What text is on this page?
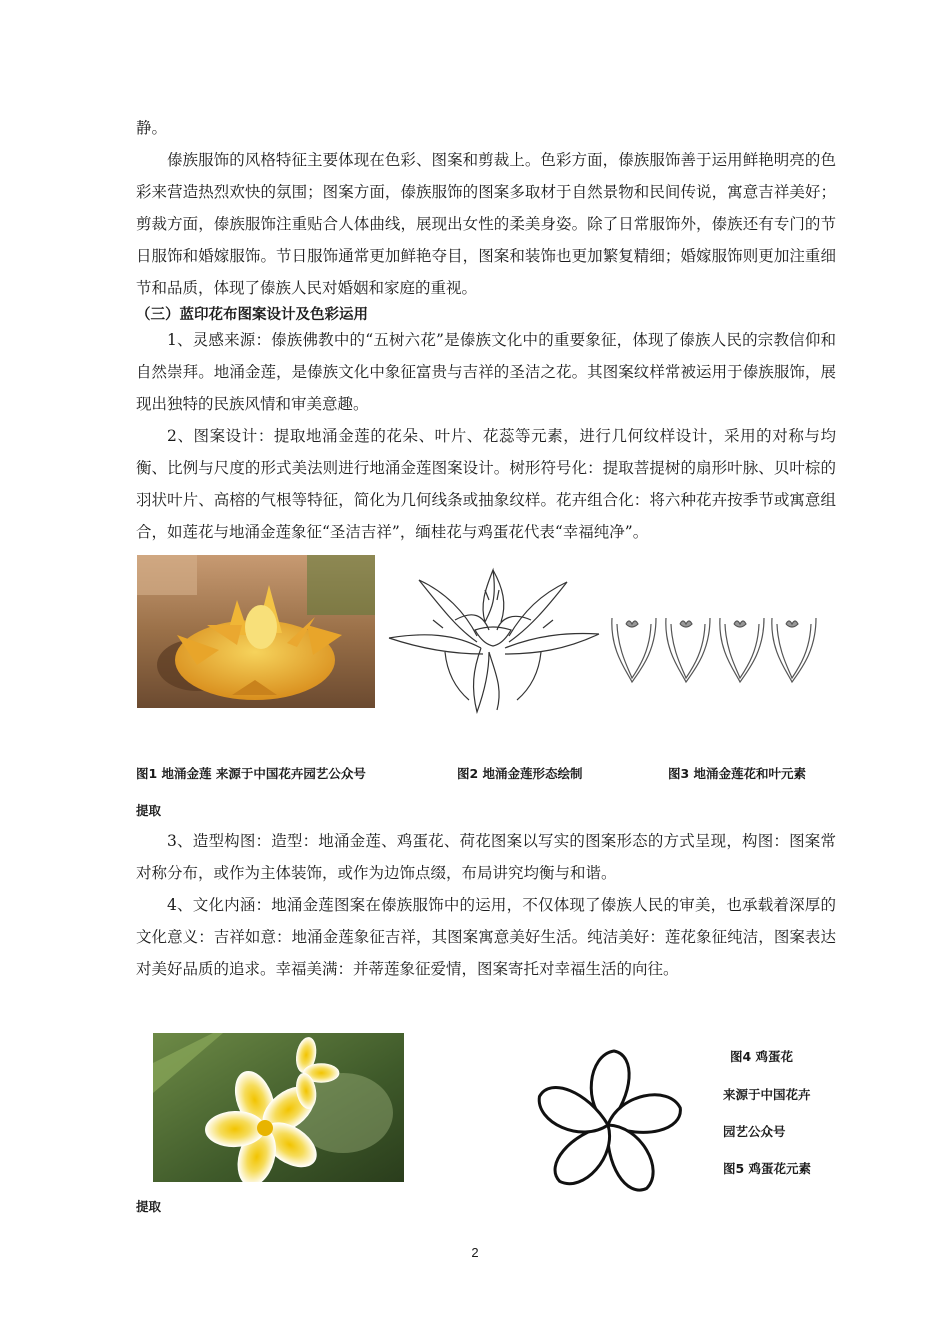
静。
傣族服饰的风格特征主要体现在色彩、图案和剪裁上。色彩方面，傣族服饰善于运用鲜艳明亮的色彩来营造热烈欢快的氛围；图案方面，傣族服饰的图案多取材于自然景物和民间传说，寓意吉祥美好；剪裁方面，傣族服饰注重贴合人体曲线，展现出女性的柔美身姿。除了日常服饰外，傣族还有专门的节日服饰和婚嫁服饰。节日服饰通常更加鲜艳夺目，图案和装饰也更加繁复精细；婚嫁服饰则更加注重细节和品质，体现了傣族人民对婚姻和家庭的重视。
（三）蓝印花布图案设计及色彩运用
1、灵感来源：傣族佛教中的“五树六花”是傣族文化中的重要象征，体现了傣族人民的宗教信仰和自然崇拜。地涌金莲，是傣族文化中象征富贵与吉祥的圣洁之花。其图案纹样常被运用于傣族服饰，展现出独特的民族风情和审美意趣。
2、图案设计：提取地涌金莲的花朵、叶片、花蕊等元素，进行几何纹样设计，采用的对称与均衡、比例与尺度的形式美法则进行地涌金莲图案设计。树形符号化：提取菩提树的扇形叶脉、贝叶棕的羽状叶片、高榕的气根等特征，简化为几何线条或抽象纹样。花卉组合化：将六种花卉按季节或寓意组合，如莲花与地涌金莲象征“圣洁吉祥”，缅桂花与鸡蛋花代表“幸福纯净”。
图1 地涌金莲 来源于中国花卉园艺公众号	图2 地涌金莲形态绘制	图3 地涌金莲花和叶元素
提取
3、造型构图：造型：地涌金莲、鸡蛋花、荷花图案以写实的图案形态的方式呈现，构图：图案常对称分布，或作为主体装饰，或作为边饰点缀，布局讲究均衡与和谐。
4、文化内涵：地涌金莲图案在傣族服饰中的运用，不仅体现了傣族人民的审美，也承载着深厚的文化意义：吉祥如意：地涌金莲象征吉祥，其图案寓意美好生活。纯洁美好：莲花象征纯洁，图案表达对美好品质的追求。幸福美满：并蒂莲象征爱情，图案寄托对幸福生活的向往。
图4 鸡蛋花
来源于中国花卉
园艺公众号
图5 鸡蛋花元素
提取
2
